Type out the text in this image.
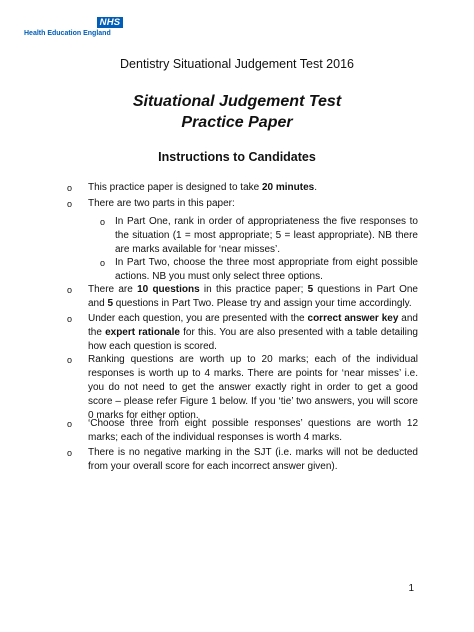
NHS
Health Education England
Dentistry Situational Judgement Test 2016
Situational Judgement Test
Practice Paper
Instructions to Candidates
o This practice paper is designed to take 20 minutes.
o There are two parts in this paper:
o In Part One, rank in order of appropriateness the five responses to the situation (1 = most appropriate; 5 = least appropriate). NB there are marks available for ‘near misses’.
o In Part Two, choose the three most appropriate from eight possible actions. NB you must only select three options.
o There are 10 questions in this practice paper; 5 questions in Part One and 5 questions in Part Two. Please try and assign your time accordingly.
o Under each question, you are presented with the correct answer key and the expert rationale for this. You are also presented with a table detailing how each question is scored.
o Ranking questions are worth up to 20 marks; each of the individual responses is worth up to 4 marks. There are points for ‘near misses’ i.e. you do not need to get the answer exactly right in order to get a good score – please refer Figure 1 below. If you ‘tie’ two answers, you will score 0 marks for either option.
o ‘Choose three from eight possible responses’ questions are worth 12 marks; each of the individual responses is worth 4 marks.
o There is no negative marking in the SJT (i.e. marks will not be deducted from your overall score for each incorrect answer given).
1
